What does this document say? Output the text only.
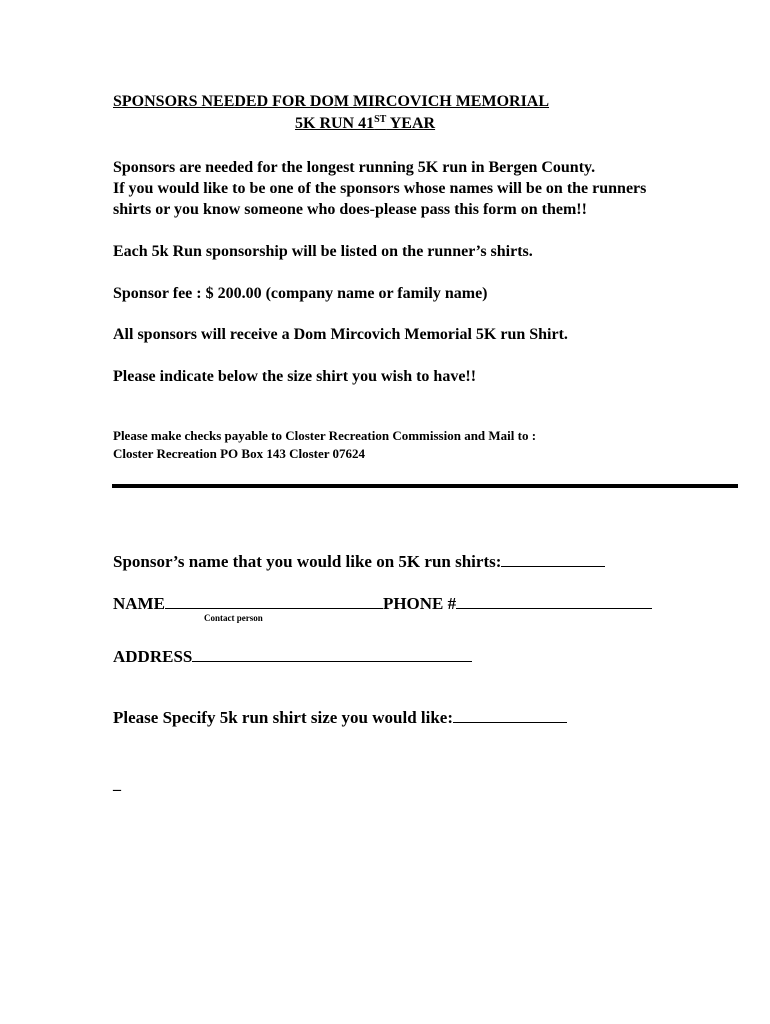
SPONSORS NEEDED FOR DOM MIRCOVICH MEMORIAL
5K RUN 41ST YEAR
Sponsors are needed for the longest running 5K run in Bergen County.
If you would like to be one of the sponsors whose names will be on the runners
shirts or you know someone who does-please pass this form on them!!
Each 5k Run sponsorship will be listed on the runner’s shirts.
Sponsor fee : $ 200.00 (company name or family name)
All sponsors will receive a Dom Mircovich Memorial 5K run Shirt.
Please indicate below the size shirt you wish to have!!
Please make checks payable to Closter Recreation Commission and Mail to :
Closter Recreation PO Box 143 Closter 07624
Sponsor’s name that you would like on 5K run shirts:
NAME	PHONE #
Contact person
ADDRESS
Please Specify 5k run shirt size you would like:
_
